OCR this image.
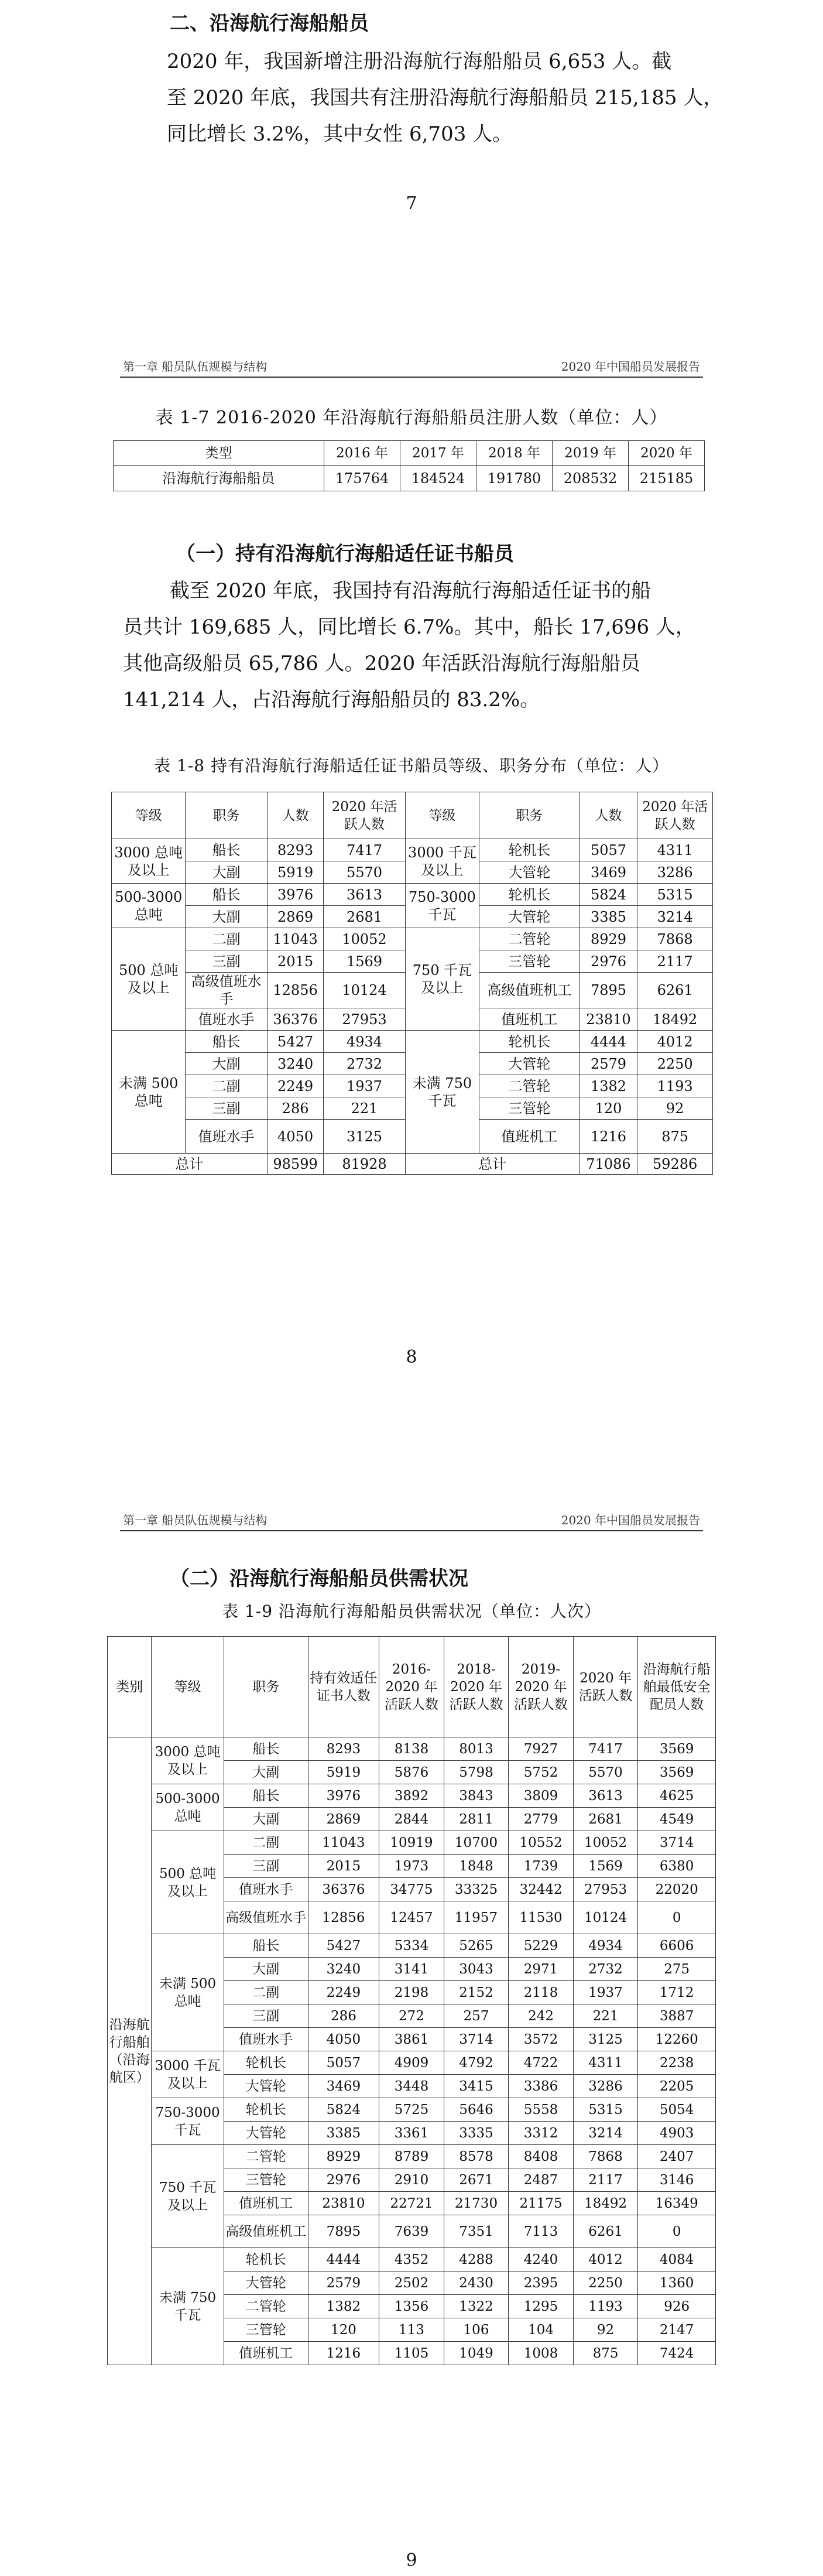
二、沿海航行海船船员
2020 年，我国新增注册沿海航行海船船员 6,653 人。截
至 2020 年底，我国共有注册沿海航行海船船员 215,185 人，
同比增长 3.2%，其中女性 6,703 人。
7
第一章 船员队伍规模与结构	2020 年中国船员发展报告
表 1-7 2016-2020 年沿海航行海船船员注册人数（单位：人）
类型	2016 年	2017 年	2018 年	2019 年	2020 年
沿海航行海船船员	175764	184524	191780	208532	215185
（一）持有沿海航行海船适任证书船员
截至 2020 年底，我国持有沿海航行海船适任证书的船
员共计 169,685 人，同比增长 6.7%。其中，船长 17,696 人，
其他高级船员 65,786 人。2020 年活跃沿海航行海船船员
141,214 人，占沿海航行海船船员的 83.2%。
表 1-8 持有沿海航行海船适任证书船员等级、职务分布（单位：人）
等级	职务	人数	2020 年活跃人数	等级	职务	人数	2020 年活跃人数
3000 总吨及以上	船长	8293	7417	3000 千瓦及以上	轮机长	5057	4311
	大副	5919	5570		大管轮	3469	3286
500-3000 总吨	船长	3976	3613	750-3000 千瓦	轮机长	5824	5315
	大副	2869	2681		大管轮	3385	3214
500 总吨及以上	二副	11043	10052	750 千瓦及以上	二管轮	8929	7868
	三副	2015	1569		三管轮	2976	2117
	高级值班水手	12856	10124		高级值班机工	7895	6261
	值班水手	36376	27953		值班机工	23810	18492
未满 500 总吨	船长	5427	4934	未满 750 千瓦	轮机长	4444	4012
	大副	3240	2732		大管轮	2579	2250
	二副	2249	1937		二管轮	1382	1193
	三副	286	221		三管轮	120	92
	值班水手	4050	3125		值班机工	1216	875
总计		98599	81928	总计		71086	59286
8
第一章 船员队伍规模与结构	2020 年中国船员发展报告
（二）沿海航行海船船员供需状况
表 1-9 沿海航行海船船员供需状况（单位：人次）
类别	等级	职务	持有效适任证书人数	2016-2020 年活跃人数	2018-2020 年活跃人数	2019-2020 年活跃人数	2020 年活跃人数	沿海航行船舶最低安全配员人数
沿海航行船舶（沿海航区）	3000 总吨及以上	船长	8293	8138	8013	7927	7417	3569
		大副	5919	5876	5798	5752	5570	3569
	500-3000 总吨	船长	3976	3892	3843	3809	3613	4625
		大副	2869	2844	2811	2779	2681	4549
	500 总吨及以上	二副	11043	10919	10700	10552	10052	3714
		三副	2015	1973	1848	1739	1569	6380
		值班水手	36376	34775	33325	32442	27953	22020
		高级值班水手	12856	12457	11957	11530	10124	0
	未满 500 总吨	船长	5427	5334	5265	5229	4934	6606
		大副	3240	3141	3043	2971	2732	275
		二副	2249	2198	2152	2118	1937	1712
		三副	286	272	257	242	221	3887
		值班水手	4050	3861	3714	3572	3125	12260
	3000 千瓦及以上	轮机长	5057	4909	4792	4722	4311	2238
		大管轮	3469	3448	3415	3386	3286	2205
	750-3000 千瓦	轮机长	5824	5725	5646	5558	5315	5054
		大管轮	3385	3361	3335	3312	3214	4903
	750 千瓦及以上	二管轮	8929	8789	8578	8408	7868	2407
		三管轮	2976	2910	2671	2487	2117	3146
		值班机工	23810	22721	21730	21175	18492	16349
		高级值班机工	7895	7639	7351	7113	6261	0
	未满 750 千瓦	轮机长	4444	4352	4288	4240	4012	4084
		大管轮	2579	2502	2430	2395	2250	1360
		二管轮	1382	1356	1322	1295	1193	926
		三管轮	120	113	106	104	92	2147
		值班机工	1216	1105	1049	1008	875	7424
9
